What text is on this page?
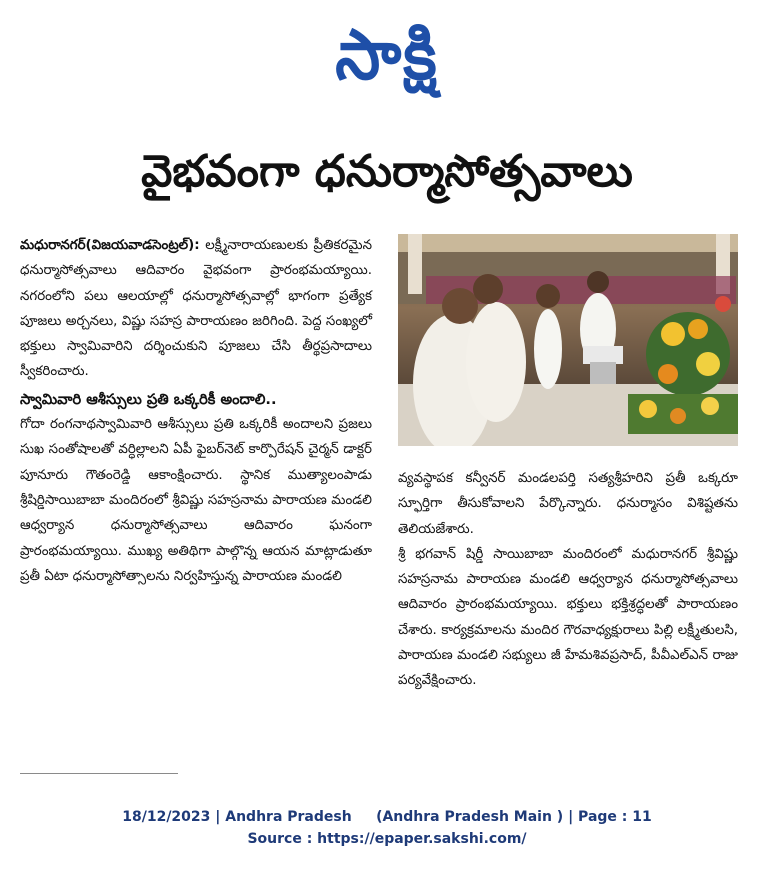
సాక్షి
వైభవంగా ధనుర్మాసోత్సవాలు

మధురానగర్(విజయవాడసెంట్రల్): లక్ష్మీనారాయణులకు ప్రీతికరమైన ధనుర్మాసోత్సవాలు ఆదివారం వైభవంగా ప్రారంభమయ్యాయి. నగరంలోని పలు ఆలయాల్లో ధనుర్మాసోత్సవాల్లో భాగంగా ప్రత్యేక పూజలు అర్చనలు, విష్ణు సహస్ర పారాయణం జరిగింది. పెద్ద సంఖ్యలో భక్తులు స్వామివారిని దర్శించుకుని పూజలు చేసి తీర్థప్రసాదాలు స్వీకరించారు.

స్వామివారి ఆశీస్సులు ప్రతి ఒక్కరికీ అందాలి..

గోదా రంగనాథస్వామివారి ఆశీస్సులు ప్రతి ఒక్కరికీ అందాలని ప్రజలు సుఖ సంతోషాలతో వర్ధిల్లాలని ఏపీ ఫైబర్‌నెట్ కార్పొరేషన్ చైర్మన్ డాక్టర్ పూనూరు గౌతంరెడ్డి ఆకాంక్షించారు. స్థానిక ముత్యాలంపాడు శ్రీషిర్డిసాయిబాబా మందిరంలో శ్రీవిష్ణు సహస్రనామ పారాయణ మండలి ఆధ్వర్యాన ధనుర్మాసోత్సవాలు ఆదివారం ఘనంగా ప్రారంభమయ్యాయి. ముఖ్య అతిథిగా పాల్గొన్న ఆయన మాట్లాడుతూ ప్రతీ ఏటా ధనుర్మాసోత్సాలను నిర్వహిస్తున్న పారాయణ మండలి

వ్యవస్థాపక కన్వీనర్ మండలపర్తి సత్యశ్రీహరిని ప్రతీ ఒక్కరూ స్ఫూర్తిగా తీసుకోవాలని పేర్కొన్నారు. ధనుర్మాసం విశిష్టతను తెలియజేశారు.

శ్రీ భగవాన్ షిర్డీ సాయిబాబా మందిరంలో మధురానగర్ శ్రీవిష్ణు సహస్రనామ పారాయణ మండలి ఆధ్వర్యాన ధనుర్మాసోత్సవాలు ఆదివారం ప్రారంభమయ్యాయి. భక్తులు భక్తిశ్రద్ధలతో పారాయణం చేశారు. కార్యక్రమాలను మందిర గౌరవాధ్యక్షురాలు పిల్లి లక్ష్మీతులసి, పారాయణ మండలి సభ్యులు జీ హేమశివప్రసాద్, పీవీఎల్ఎన్ రాజు పర్యవేక్షించారు.

18/12/2023 | Andhra Pradesh     (Andhra Pradesh Main ) | Page : 11
Source : https://epaper.sakshi.com/
